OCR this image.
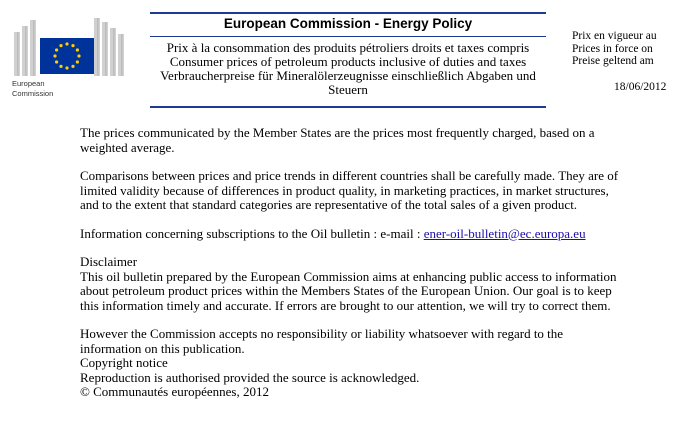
European
Commission
European Commission - Energy Policy
Prix à la consommation des produits pétroliers droits et taxes compris
Consumer prices of petroleum products inclusive of duties and taxes
Verbraucherpreise für Mineralölerzeugnisse einschließlich Abgaben und
Steuern
Prix en vigueur au
Prices in force on
Preise geltend am
18/06/2012

The prices communicated by the Member States are the prices most frequently charged, based on a weighted average.

Comparisons between prices and price trends in different countries shall be carefully made. They are of limited validity because of differences in product quality, in marketing practices, in market structures, and to the extent that standard categories are representative of the total sales of a given product.

Information concerning subscriptions to the Oil bulletin : e-mail : ener-oil-bulletin@ec.europa.eu

Disclaimer
This oil bulletin prepared by the European Commission aims at enhancing public access to information about petroleum product prices within the Members States of the European Union. Our goal is to keep this information timely and accurate. If errors are brought to our attention, we will try to correct them.
However the Commission accepts no responsibility or liability whatsoever with regard to the information on this publication.
Copyright notice
Reproduction is authorised provided the source is acknowledged.
© Communautés européennes, 2012
